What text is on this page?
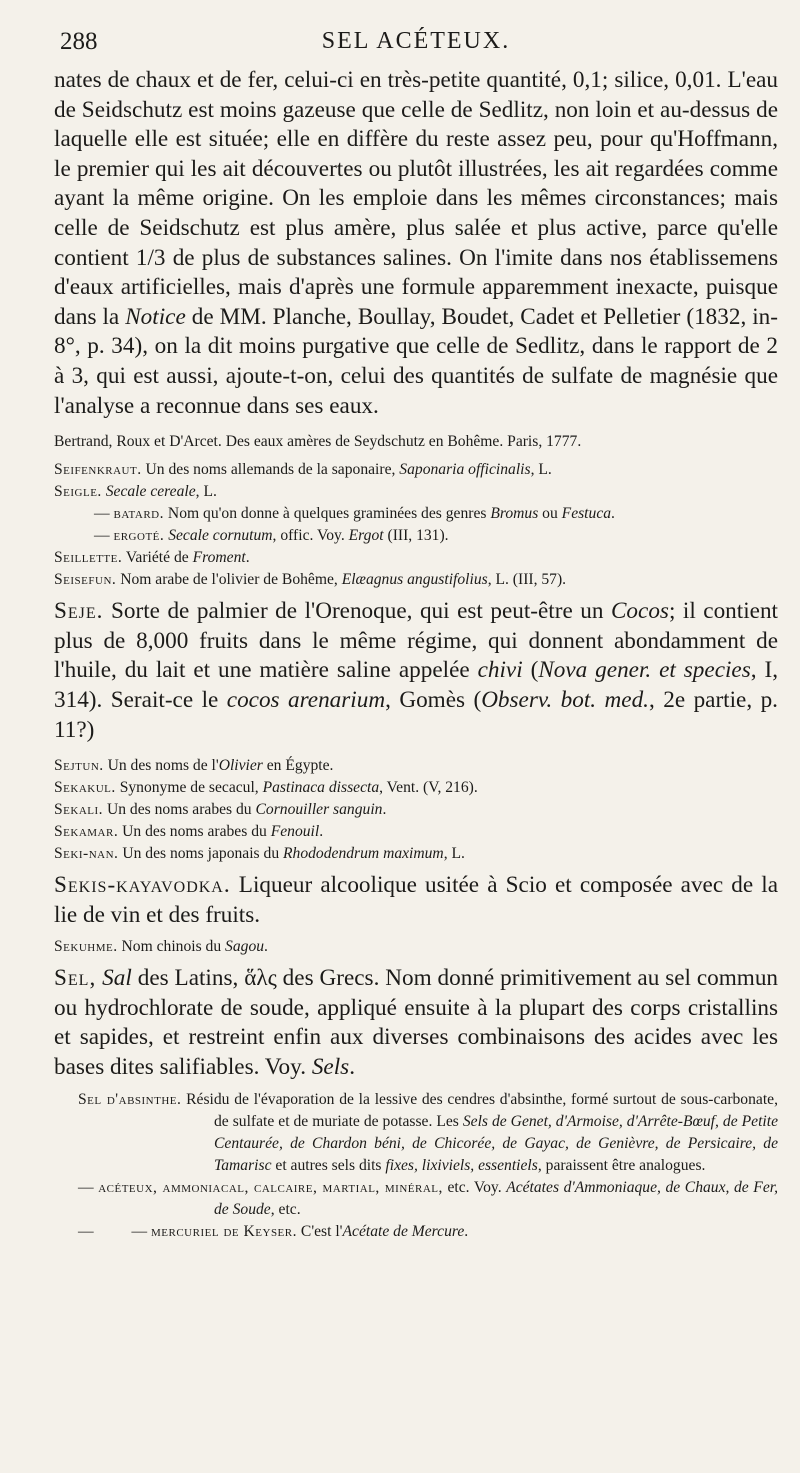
288	SEL ACÉTEUX.

nates de chaux et de fer, celui-ci en très-petite quantité, 0,1; silice, 0,01. L'eau de Seidschutz est moins gazeuse que celle de Sedlitz, non loin et au-dessus de laquelle elle est située; elle en diffère du reste assez peu, pour qu'Hoffmann, le premier qui les ait découvertes ou plutôt illustrées, les ait regardées comme ayant la même origine. On les emploie dans les mêmes circonstances; mais celle de Seidschutz est plus amère, plus salée et plus active, parce qu'elle contient 1/3 de plus de substances salines. On l'imite dans nos établissemens d'eaux artificielles, mais d'après une formule apparemment inexacte, puisque dans la Notice de MM. Planche, Boullay, Boudet, Cadet et Pelletier (1832, in-8°, p. 34), on la dit moins purgative que celle de Sedlitz, dans le rapport de 2 à 3, qui est aussi, ajoute-t-on, celui des quantités de sulfate de magnésie que l'analyse a reconnue dans ses eaux.

Bertrand, Roux et D'Arcet. Des eaux amères de Seydschutz en Bohême. Paris, 1777.

Seifenkraut. Un des noms allemands de la saponaire, Saponaria officinalis, L.

Seigle. Secale cereale, L.

— batard. Nom qu'on donne à quelques graminées des genres Bromus ou Festuca.

— ergoté. Secale cornutum, offic. Voy. Ergot (III, 131).

Seillette. Variété de Froment.

Seisefun. Nom arabe de l'olivier de Bohême, Elæagnus angustifolius, L. (III, 57).

Seje. Sorte de palmier de l'Orenoque, qui est peut-être un Cocos; il contient plus de 8,000 fruits dans le même régime, qui donnent abondamment de l'huile, du lait et une matière saline appelée chivi (Nova gener. et species, I, 314). Serait-ce le cocos arenarium, Gomès (Observ. bot. med., 2e partie, p. 11?)

Sejtun. Un des noms de l'Olivier en Égypte.

Sekakul. Synonyme de secacul, Pastinaca dissecta, Vent. (V, 216).

Sekali. Un des noms arabes du Cornouiller sanguin.

Sekamar. Un des noms arabes du Fenouil.

Seki-nan. Un des noms japonais du Rhododendrum maximum, L.

Sekis-kayavodka. Liqueur alcoolique usitée à Scio et composée avec de la lie de vin et des fruits.

Sekuhme. Nom chinois du Sagou.

Sel, Sal des Latins, ἅλς des Grecs. Nom donné primitivement au sel commun ou hydrochlorate de soude, appliqué ensuite à la plupart des corps cristallins et sapides, et restreint enfin aux diverses combinaisons des acides avec les bases dites salifiables. Voy. Sels.

Sel d'absinthe. Résidu de l'évaporation de la lessive des cendres d'absinthe, formé surtout de sous-carbonate, de sulfate et de muriate de potasse. Les Sels de Genet, d'Armoise, d'Arrête-Bœuf, de Petite Centaurée, de Chardon béni, de Chicorée, de Gayac, de Genièvre, de Persicaire, de Tamarisc et autres sels dits fixes, lixiviels, essentiels, paraissent être analogues.

— acéteux, ammoniacal, calcaire, martial, minéral, etc. Voy. Acétates d'Ammoniaque, de Chaux, de Fer, de Soude, etc.

— — mercuriel de Keyser. C'est l'Acétate de Mercure.
